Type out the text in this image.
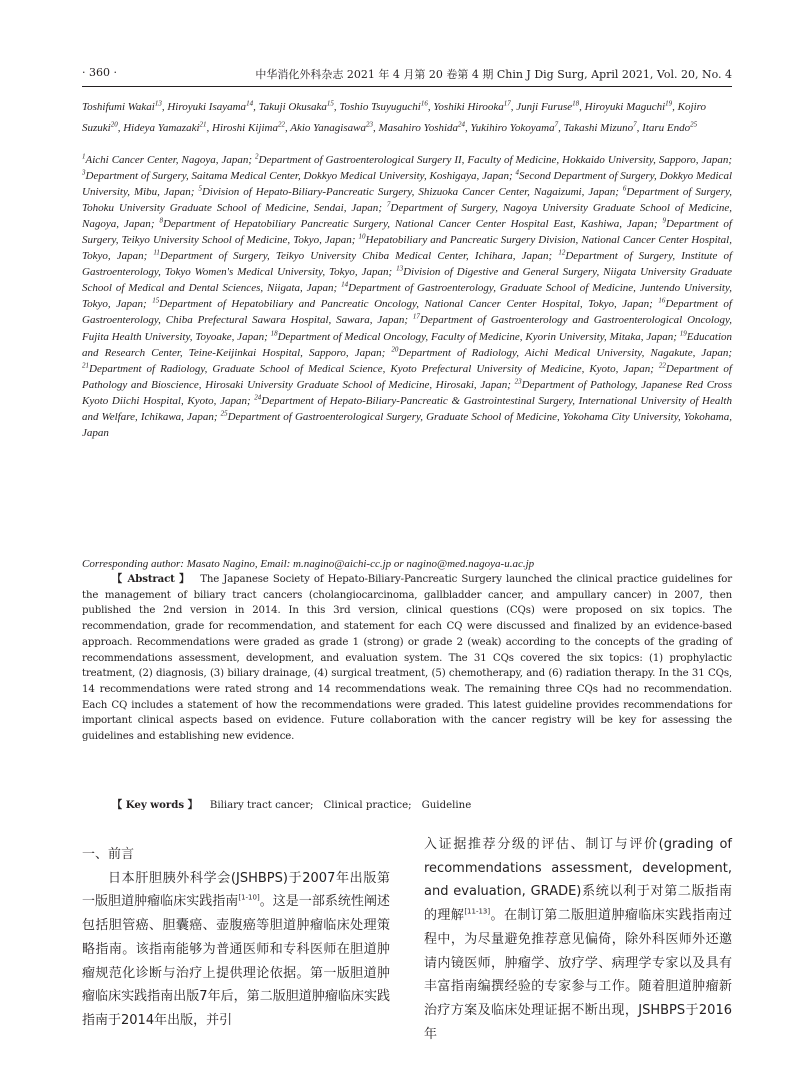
· 360 ·	中华消化外科杂志 2021 年 4 月第 20 卷第 4 期 Chin J Dig Surg, April 2021, Vol. 20, No. 4
Toshifumi Wakai$^{13}$, Hiroyuki Isayama$^{14}$, Takuji Okusaka$^{15}$, Toshio Tsuyuguchi$^{16}$, Yoshiki Hirooka$^{17}$, Junji Furuse$^{18}$, Hiroyuki Maguchi$^{19}$, Kojiro Suzuki$^{20}$, Hideya Yamazaki$^{21}$, Hiroshi Kijima$^{22}$, Akio Yanagisawa$^{23}$, Masahiro Yoshida$^{24}$, Yukihiro Yokoyama$^7$, Takashi Mizuno$^7$, Itaru Endo$^{25}$
$^1$Aichi Cancer Center, Nagoya, Japan; $^2$Department of Gastroenterological Surgery II, Faculty of Medicine, Hokkaido University, Sapporo, Japan; $^3$Department of Surgery, Saitama Medical Center, Dokkyo Medical University, Koshigaya, Japan; $^4$Second Department of Surgery, Dokkyo Medical University, Mibu, Japan; $^5$Division of Hepato-Biliary-Pancreatic Surgery, Shizuoka Cancer Center, Nagaizumi, Japan; $^6$Department of Surgery, Tohoku University Graduate School of Medicine, Sendai, Japan; $^7$Department of Surgery, Nagoya University Graduate School of Medicine, Nagoya, Japan; $^8$Department of Hepatobiliary Pancreatic Surgery, National Cancer Center Hospital East, Kashiwa, Japan; $^9$Department of Surgery, Teikyo University School of Medicine, Tokyo, Japan; $^{10}$Hepatobiliary and Pancreatic Surgery Division, National Cancer Center Hospital, Tokyo, Japan; $^{11}$Department of Surgery, Teikyo University Chiba Medical Center, Ichihara, Japan; $^{12}$Department of Surgery, Institute of Gastroenterology, Tokyo Women's Medical University, Tokyo, Japan; $^{13}$Division of Digestive and General Surgery, Niigata University Graduate School of Medical and Dental Sciences, Niigata, Japan; $^{14}$Department of Gastroenterology, Graduate School of Medicine, Juntendo University, Tokyo, Japan; $^{15}$Department of Hepatobiliary and Pancreatic Oncology, National Cancer Center Hospital, Tokyo, Japan; $^{16}$Department of Gastroenterology, Chiba Prefectural Sawara Hospital, Sawara, Japan; $^{17}$Department of Gastroenterology and Gastroenterological Oncology, Fujita Health University, Toyoake, Japan; $^{18}$Department of Medical Oncology, Faculty of Medicine, Kyorin University, Mitaka, Japan; $^{19}$Education and Research Center, Teine-Keijinkai Hospital, Sapporo, Japan; $^{20}$Department of Radiology, Aichi Medical University, Nagakute, Japan; $^{21}$Department of Radiology, Graduate School of Medical Science, Kyoto Prefectural University of Medicine, Kyoto, Japan; $^{22}$Department of Pathology and Bioscience, Hirosaki University Graduate School of Medicine, Hirosaki, Japan; $^{23}$Department of Pathology, Japanese Red Cross Kyoto Diichi Hospital, Kyoto, Japan; $^{24}$Department of Hepato-Biliary-Pancreatic & Gastrointestinal Surgery, International University of Health and Welfare, Ichikawa, Japan; $^{25}$Department of Gastroenterological Surgery, Graduate School of Medicine, Yokohama City University, Yokohama, Japan
Corresponding author: Masato Nagino, Email: m.nagino@aichi-cc.jp or nagino@med.nagoya-u.ac.jp
【 Abstract 】 The Japanese Society of Hepato-Biliary-Pancreatic Surgery launched the clinical practice guidelines for the management of biliary tract cancers (cholangiocarcinoma, gallbladder cancer, and ampullary cancer) in 2007, then published the 2nd version in 2014. In this 3rd version, clinical questions (CQs) were proposed on six topics. The recommendation, grade for recommendation, and statement for each CQ were discussed and finalized by an evidence-based approach. Recommendations were graded as grade 1 (strong) or grade 2 (weak) according to the concepts of the grading of recommendations assessment, development, and evaluation system. The 31 CQs covered the six topics: (1) prophylactic treatment, (2) diagnosis, (3) biliary drainage, (4) surgical treatment, (5) chemotherapy, and (6) radiation therapy. In the 31 CQs, 14 recommendations were rated strong and 14 recommendations weak. The remaining three CQs had no recommendation. Each CQ includes a statement of how the recommendations were graded. This latest guideline provides recommendations for important clinical aspects based on evidence. Future collaboration with the cancer registry will be key for assessing the guidelines and establishing new evidence.
【 Key words 】 Biliary tract cancer; Clinical practice; Guideline
一、前言
日本肝胆胰外科学会(JSHBPS)于2007年出版第一版胆道肿瘤临床实践指南[1-10]。这是一部系统性阐述包括胆管癌、胆囊癌、壶腹癌等胆道肿瘤临床处理策略指南。该指南能够为普通医师和专科医师在胆道肿瘤规范化诊断与治疗上提供理论依据。第一版胆道肿瘤临床实践指南出版7年后，第二版胆道肿瘤临床实践指南于2014年出版，并引
入证据推荐分级的评估、制订与评价(grading of recommendations assessment, development, and evaluation, GRADE)系统以利于对第二版指南的理解[11-13]。在制订第二版胆道肿瘤临床实践指南过程中，为尽量避免推荐意见偏倚，除外科医师外还邀请内镜医师，肿瘤学、放疗学、病理学专家以及具有丰富指南编撰经验的专家参与工作。随着胆道肿瘤新治疗方案及临床处理证据不断出现，JSHBPS于2016年
